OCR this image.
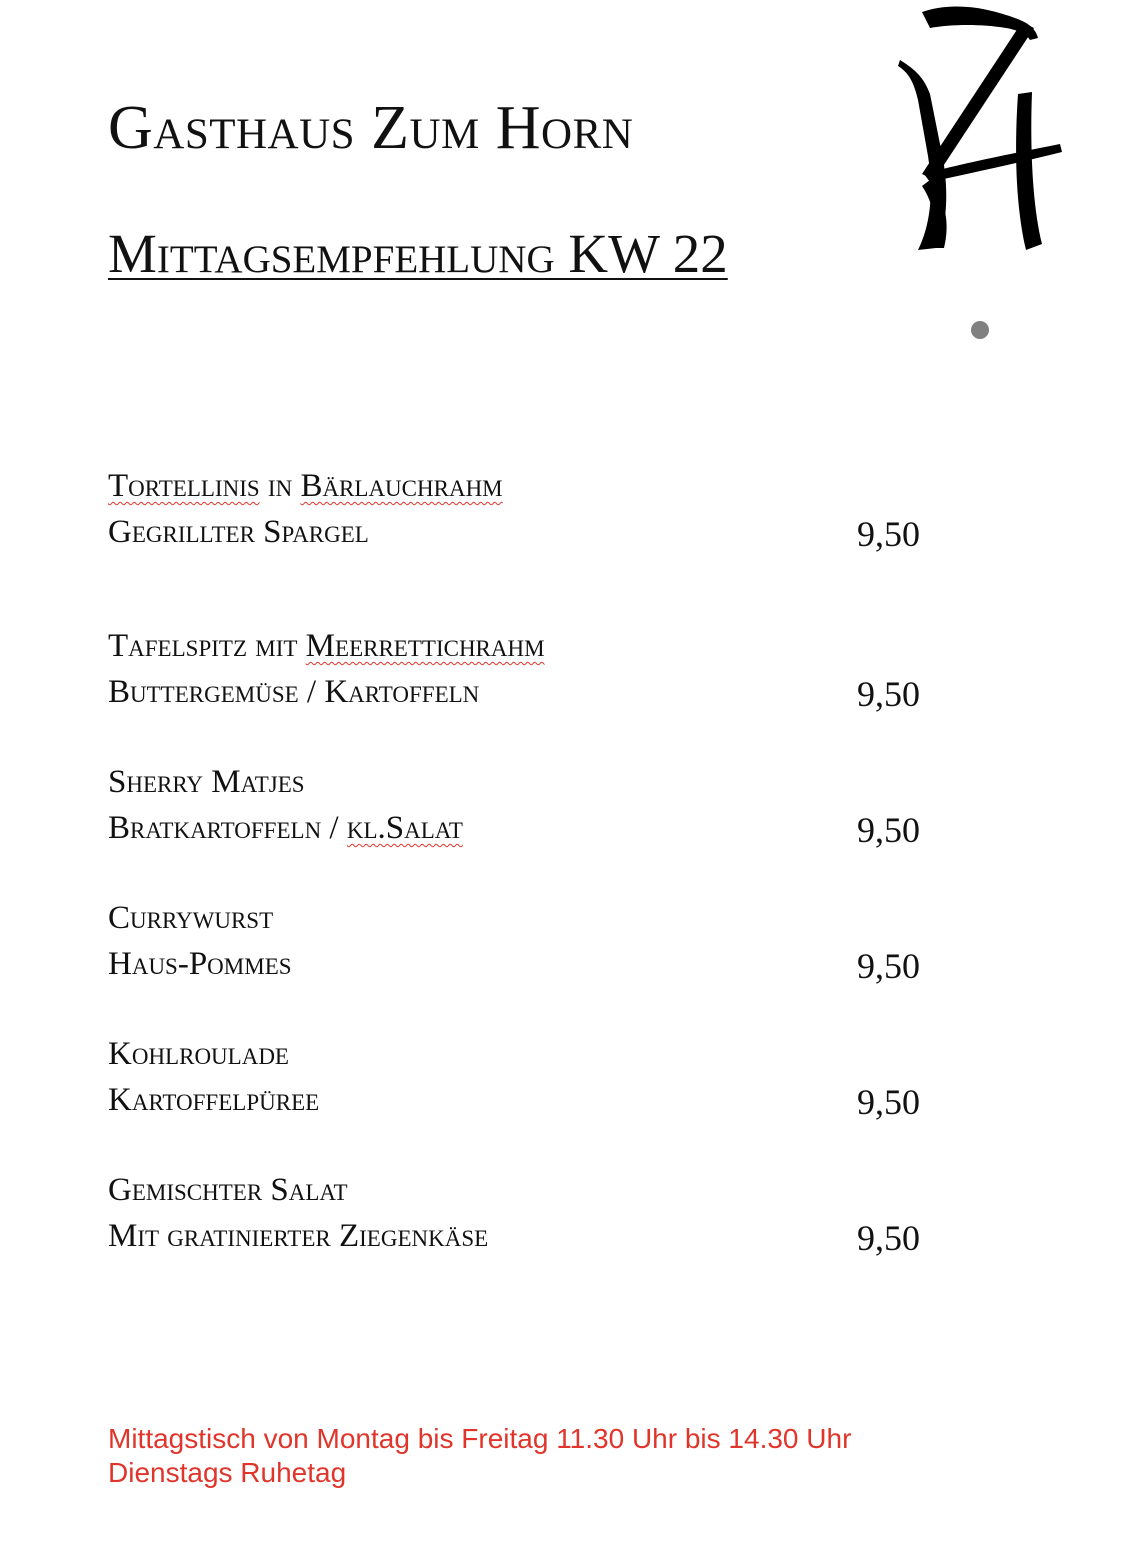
Gasthaus Zum Horn
Mittagsempfehlung KW 22
Tortellinis in Bärlauchrahm
Gegrillter Spargel	9,50
Tafelspitz mit Meerrettichrahm
Buttergemüse / Kartoffeln	9,50
Sherry Matjes
Bratkartoffeln / kl.Salat	9,50
Currywurst
Haus-Pommes	9,50
Kohlroulade
Kartoffelpüree	9,50
Gemischter Salat
Mit gratinierter Ziegenkäse	9,50
Mittagstisch von Montag bis Freitag 11.30 Uhr bis 14.30 Uhr
Dienstags Ruhetag
